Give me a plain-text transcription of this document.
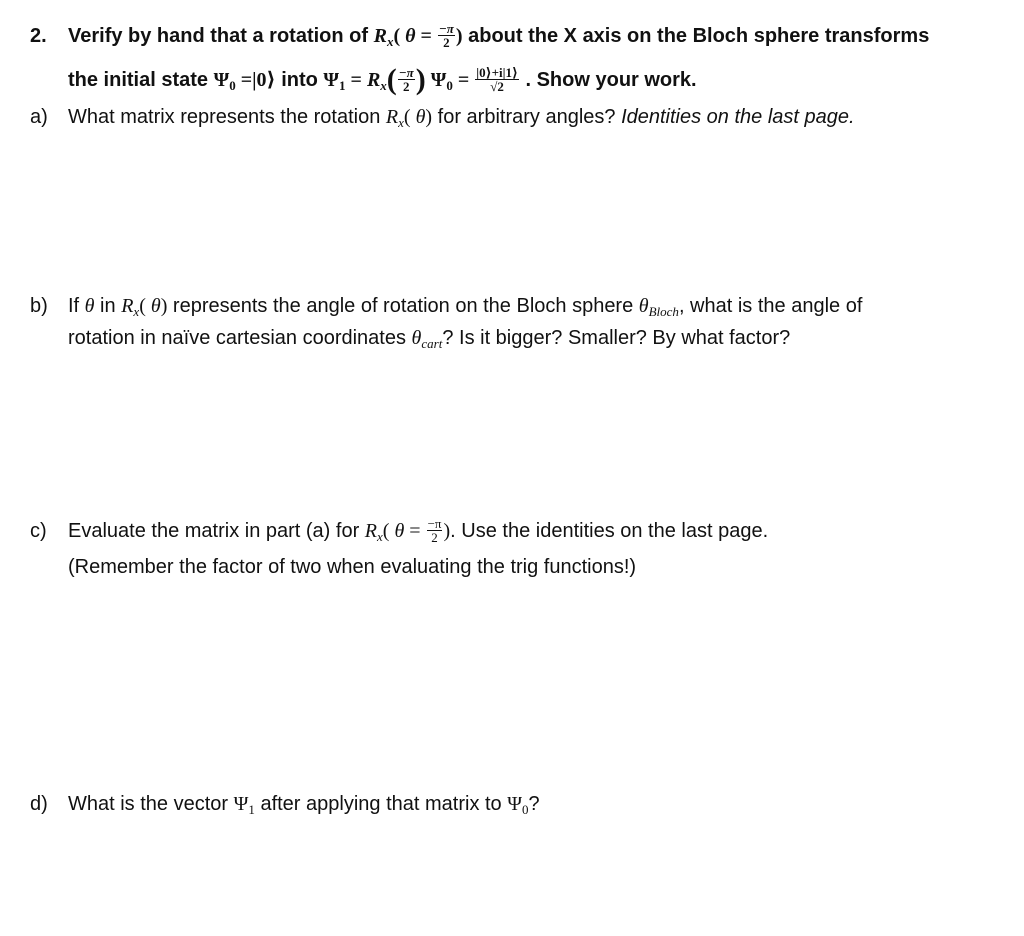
2. Verify by hand that a rotation of $R_x$( $\theta = \frac{-\pi}{2}$ ) about the X axis on the Bloch sphere transforms
the initial state $\Psi_0$ =|0⟩ into $\Psi_1 = R_x( \frac{-\pi}{2}$ ) $\Psi_0 = \frac{|0⟩+i|1⟩}{√2}$ . Show your work.
a) What matrix represents the rotation $R_x$( θ) for arbitrary angles? Identities on the last page.
b) If θ in $R_x$( θ) represents the angle of rotation on the Bloch sphere $\theta_{Bloch}$, what is the angle of
rotation in naïve cartesian coordinates $\theta_{cart}$? Is it bigger? Smaller? By what factor?
c) Evaluate the matrix in part (a) for $R_x$( $\theta = \frac{-\pi}{2}$ ). Use the identities on the last page.
(Remember the factor of two when evaluating the trig functions!)
d) What is the vector $\Psi_1$ after applying that matrix to $\Psi_0$?
